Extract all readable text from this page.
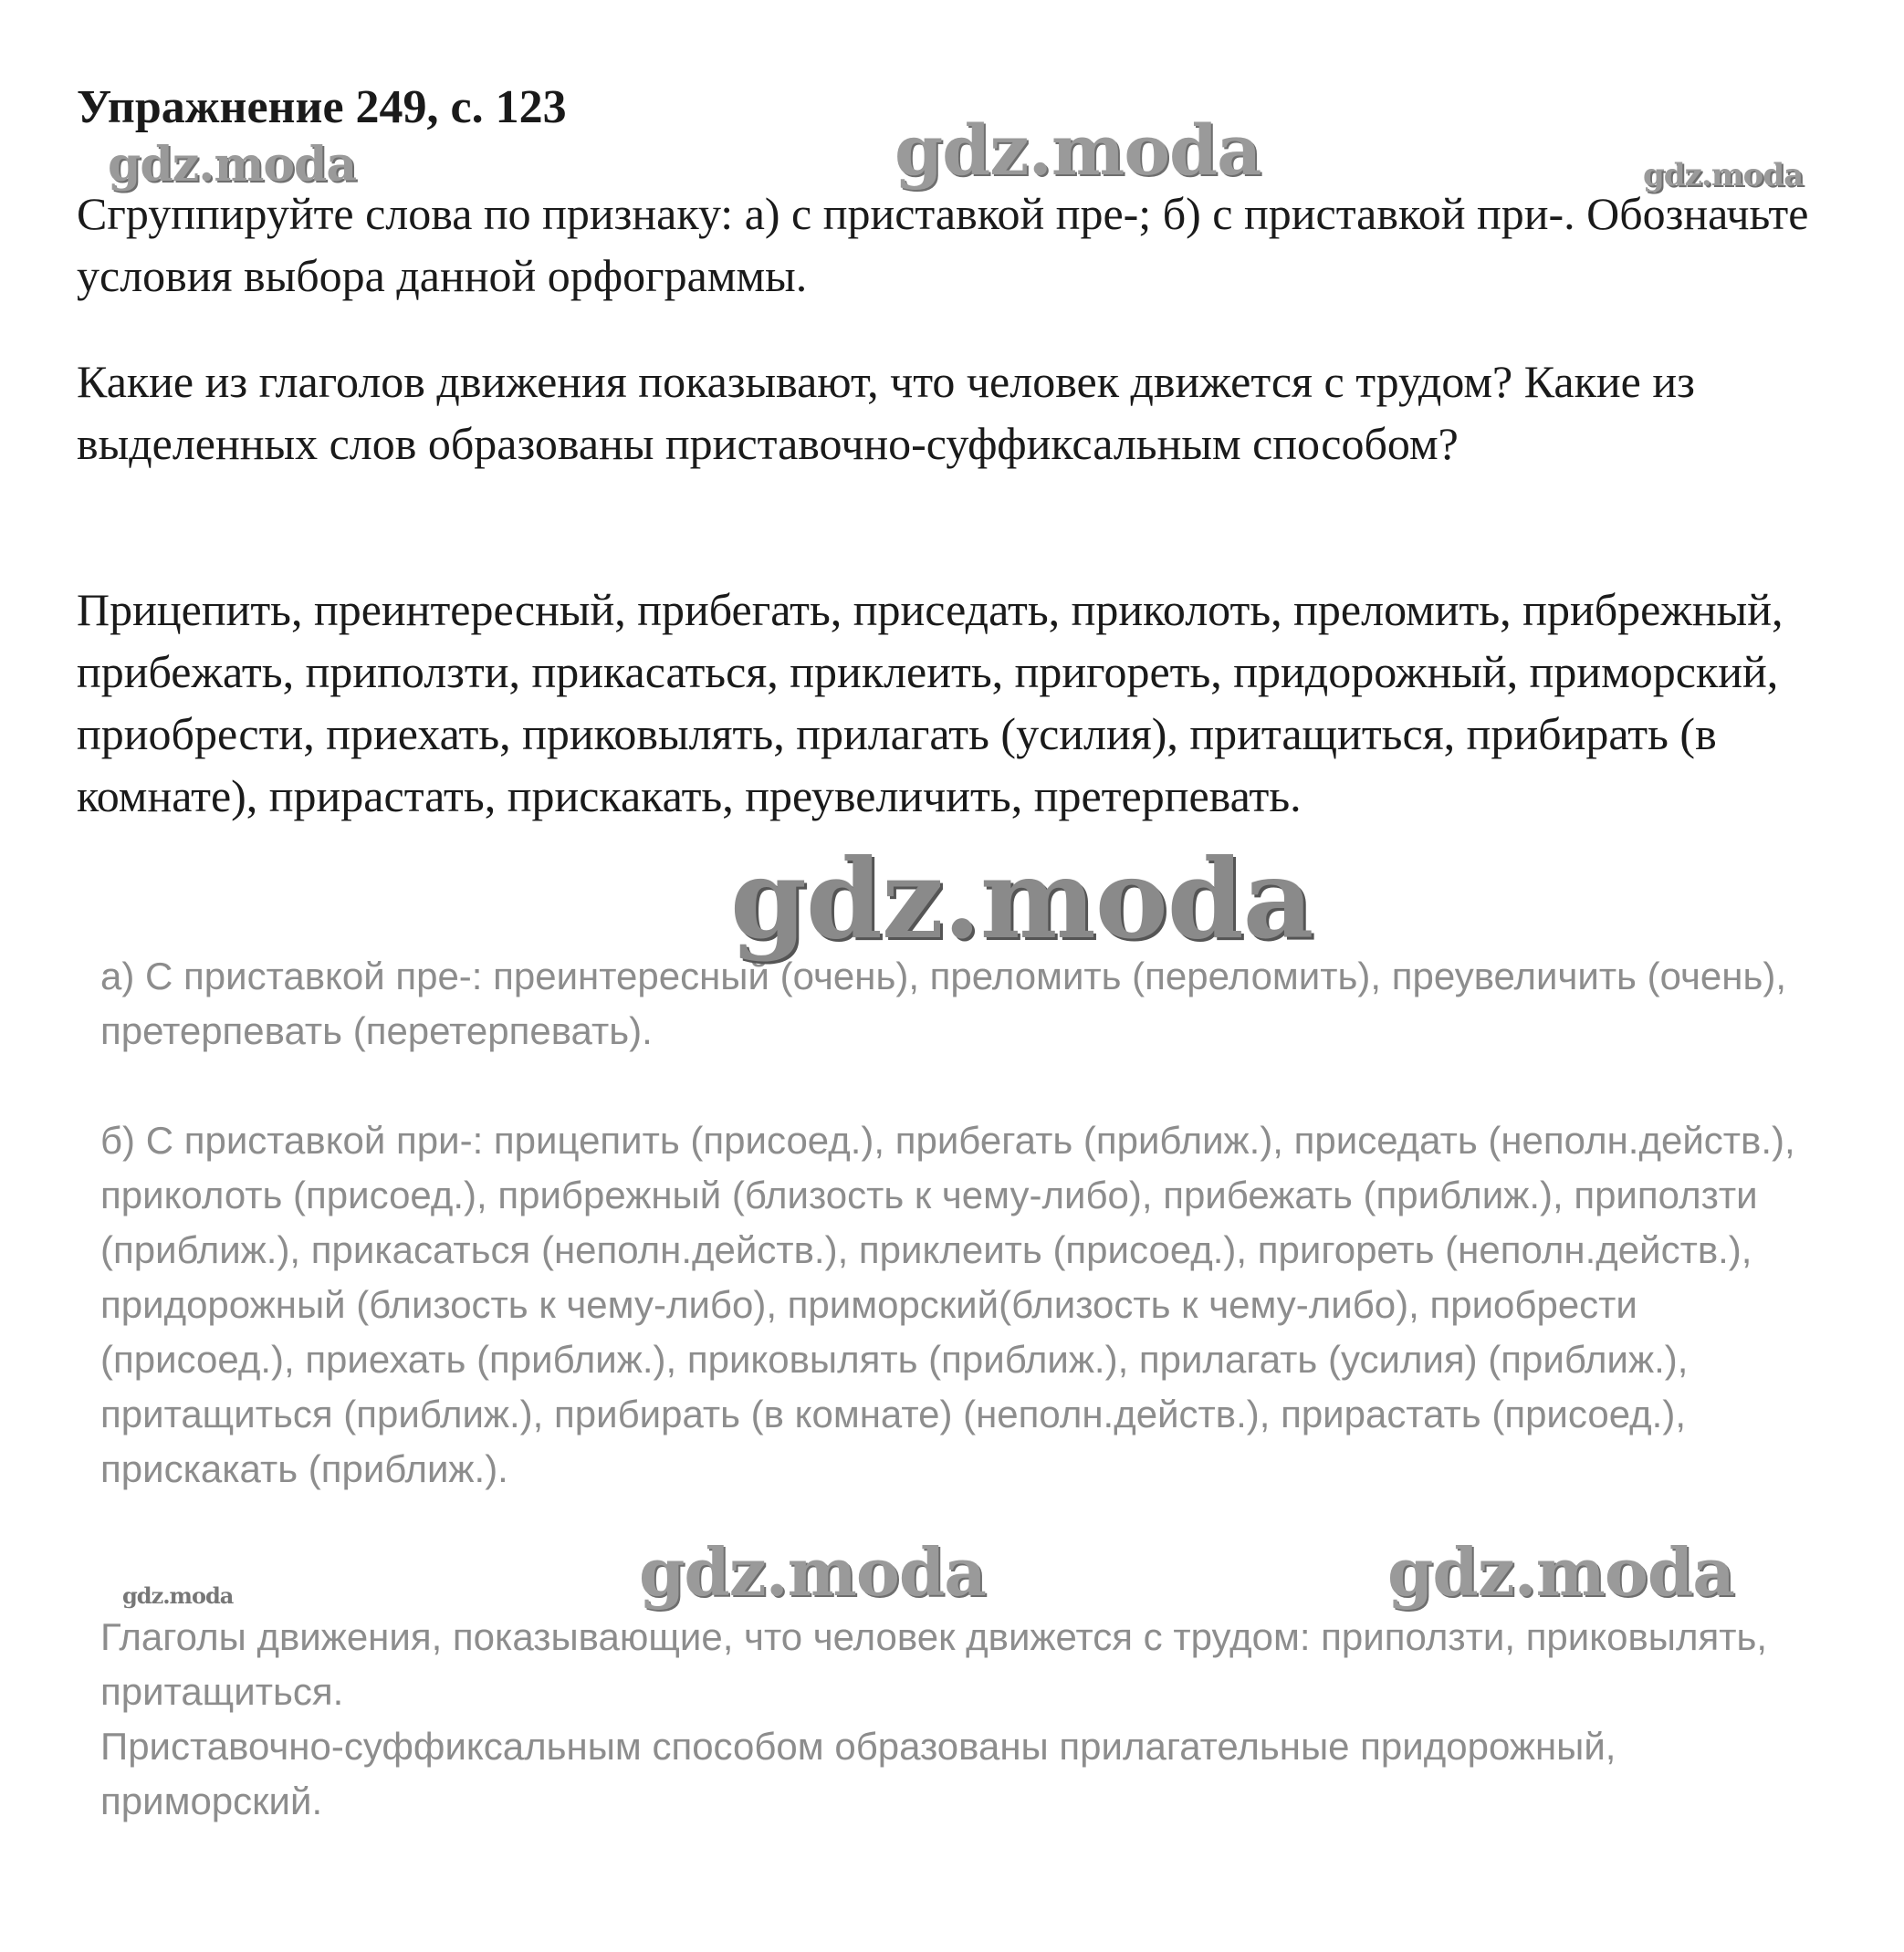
Упражнение 249, с. 123
Сгруппируйте слова по признаку: а) с приставкой пре-; б) с приставкой при-. Обозначьте условия выбора данной орфограммы.
Какие из глаголов движения показывают, что человек движется с трудом? Какие из выделенных слов образованы приставочно-суффиксальным способом?
Прицепить, преинтересный, прибегать, приседать, приколоть, преломить, прибрежный, прибежать, приползти, прикасаться, приклеить, пригореть, придорожный, приморский, приобрести, приехать, приковылять, прилагать (усилия), притащиться, прибирать (в комнате), прирастать, прискакать, преувеличить, претерпевать.
а) С приставкой пре-: преинтересный (очень), преломить (переломить), преувеличить (очень), претерпевать (перетерпевать).
б) С приставкой при-: прицепить (присоед.), прибегать (приближ.), приседать (неполн.действ.), приколоть (присоед.), прибрежный (близость к чему-либо), прибежать (приближ.), приползти (приближ.), прикасаться (неполн.действ.), приклеить (присоед.), пригореть (неполн.действ.), придорожный (близость к чему-либо), приморский(близость к чему-либо), приобрести (присоед.), приехать (приближ.), приковылять (приближ.), прилагать (усилия) (приближ.), притащиться (приближ.), прибирать (в комнате) (неполн.действ.), прирастать (присоед.), прискакать (приближ.).

Глаголы движения, показывающие, что человек движется с трудом: приползти, приковылять, притащиться.

Приставочно-суффиксальным способом образованы прилагательные придорожный, приморский.

gdz.moda	gdz.moda	gdz.moda
gdz.moda
gdz.moda	gdz.moda
gdz.moda
